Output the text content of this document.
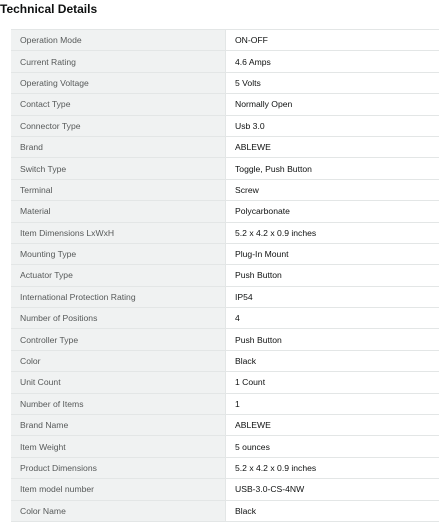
Technical Details
Operation Mode	ON-OFF
Current Rating	4.6 Amps
Operating Voltage	5 Volts
Contact Type	Normally Open
Connector Type	Usb 3.0
Brand	ABLEWE
Switch Type	Toggle, Push Button
Terminal	Screw
Material	Polycarbonate
Item Dimensions LxWxH	5.2 x 4.2 x 0.9 inches
Mounting Type	Plug-In Mount
Actuator Type	Push Button
International Protection Rating	IP54
Number of Positions	4
Controller Type	Push Button
Color	Black
Unit Count	1 Count
Number of Items	1
Brand Name	ABLEWE
Item Weight	5 ounces
Product Dimensions	5.2 x 4.2 x 0.9 inches
Item model number	USB-3.0-CS-4NW
Color Name	Black
